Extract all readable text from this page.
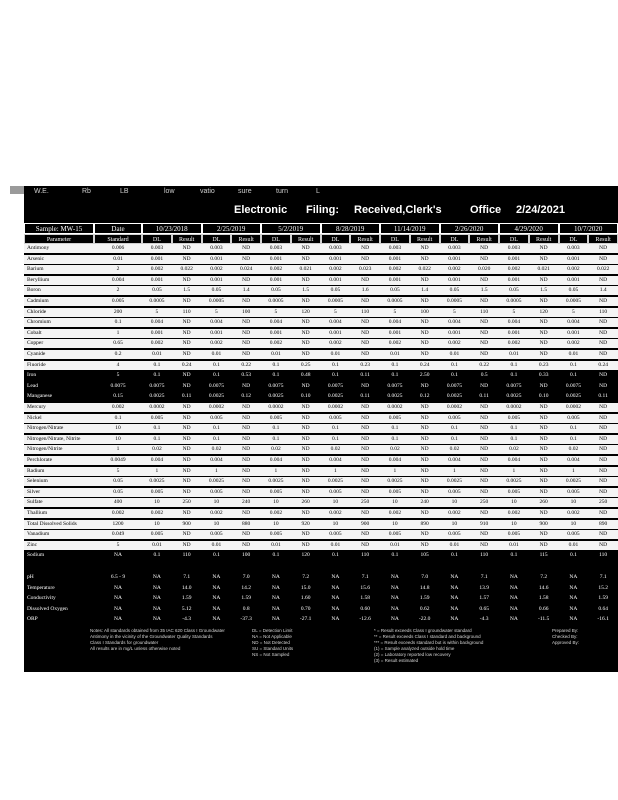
W.E.	Rb	LB	low	vatio	sure	turn	L
Electronic Filing: Received,Clerk's	Office 2/24/2021
Sample: MW-15	Date	10/23/2018	2/25/2019	5/2/2019	8/28/2019	11/14/2019	2/26/2020	4/29/2020	10/7/2020
Parameter	Standard	DL	Result	DL	Result	DL	Result	DL	Result	DL	Result	DL	Result	DL	Result	DL	Result
Antimony	0.006	0.003	ND	0.003	ND	0.003	ND	0.003	ND	0.003	ND	0.003	ND	0.003	ND	0.003	ND
Arsenic	0.01	0.001	ND	0.001	ND	0.001	ND	0.001	ND	0.001	ND	0.001	ND	0.001	ND	0.001	ND
Barium	2	0.002	0.022	0.002	0.024	0.002	0.021	0.002	0.023	0.002	0.022	0.002	0.020	0.002	0.021	0.002	0.022
Beryllium	0.004	0.001	ND	0.001	ND	0.001	ND	0.001	ND	0.001	ND	0.001	ND	0.001	ND	0.001	ND
Boron	2	0.05	1.5	0.05	1.4	0.05	1.5	0.05	1.6	0.05	1.4	0.05	1.5	0.05	1.5	0.05	1.4
Cadmium	0.005	0.0005	ND	0.0005	ND	0.0005	ND	0.0005	ND	0.0005	ND	0.0005	ND	0.0005	ND	0.0005	ND
Chloride	200	5	110	5	100	5	120	5	110	5	100	5	110	5	120	5	110
Chromium	0.1	0.004	ND	0.004	ND	0.004	ND	0.004	ND	0.004	ND	0.004	ND	0.004	ND	0.004	ND
Cobalt	1	0.001	ND	0.001	ND	0.001	ND	0.001	ND	0.001	ND	0.001	ND	0.001	ND	0.001	ND
Copper	0.65	0.002	ND	0.002	ND	0.002	ND	0.002	ND	0.002	ND	0.002	ND	0.002	ND	0.002	ND
Cyanide	0.2	0.01	ND	0.01	ND	0.01	ND	0.01	ND	0.01	ND	0.01	ND	0.01	ND	0.01	ND
Fluoride	4	0.1	0.24	0.1	0.22	0.1	0.25	0.1	0.23	0.1	0.24	0.1	0.22	0.1	0.23	0.1	0.24
Iron	5	0.1	ND	0.1	0.53	0.1	0.48	0.1	0.11	0.1	2.50	0.1	0.5	0.1	0.33	0.1	ND
Lead	0.0075	0.0075	ND	0.0075	ND	0.0075	ND	0.0075	ND	0.0075	ND	0.0075	ND	0.0075	ND	0.0075	ND
Manganese	0.15	0.0025	0.11	0.0025	0.12	0.0025	0.10	0.0025	0.11	0.0025	0.12	0.0025	0.11	0.0025	0.10	0.0025	0.11
Mercury	0.002	0.0002	ND	0.0002	ND	0.0002	ND	0.0002	ND	0.0002	ND	0.0002	ND	0.0002	ND	0.0002	ND
Nickel	0.1	0.005	ND	0.005	ND	0.005	ND	0.005	ND	0.005	ND	0.005	ND	0.005	ND	0.005	ND
Nitrogen/Nitrate	10	0.1	ND	0.1	ND	0.1	ND	0.1	ND	0.1	ND	0.1	ND	0.1	ND	0.1	ND
Nitrogen/Nitrate, Nitrite	10	0.1	ND	0.1	ND	0.1	ND	0.1	ND	0.1	ND	0.1	ND	0.1	ND	0.1	ND
Nitrogen/Nitrite	1	0.02	ND	0.02	ND	0.02	ND	0.02	ND	0.02	ND	0.02	ND	0.02	ND	0.02	ND
Perchlorate	0.0049	0.004	ND	0.004	ND	0.004	ND	0.004	ND	0.004	ND	0.004	ND	0.004	ND	0.004	ND
Radium	5	1	ND	1	ND	1	ND	1	ND	1	ND	1	ND	1	ND	1	ND
Selenium	0.05	0.0025	ND	0.0025	ND	0.0025	ND	0.0025	ND	0.0025	ND	0.0025	ND	0.0025	ND	0.0025	ND
Silver	0.05	0.005	ND	0.005	ND	0.005	ND	0.005	ND	0.005	ND	0.005	ND	0.005	ND	0.005	ND
Sulfate	400	10	250	10	240	10	260	10	250	10	240	10	250	10	260	10	250
Thallium	0.002	0.002	ND	0.002	ND	0.002	ND	0.002	ND	0.002	ND	0.002	ND	0.002	ND	0.002	ND
Total Dissolved Solids	1200	10	900	10	880	10	920	10	900	10	890	10	910	10	900	10	890
Vanadium	0.049	0.005	ND	0.005	ND	0.005	ND	0.005	ND	0.005	ND	0.005	ND	0.005	ND	0.005	ND
Zinc	5	0.01	ND	0.01	ND	0.01	ND	0.01	ND	0.01	ND	0.01	ND	0.01	ND	0.01	ND
Sodium	NA	0.1	110	0.1	100	0.1	120	0.1	110	0.1	105	0.1	110	0.1	115	0.1	110
pH	6.5 - 9	NA	7.1	NA	7.0	NA	7.2	NA	7.1	NA	7.0	NA	7.1	NA	7.2	NA	7.1
Temperature	NA	NA	14.0	NA	14.2	NA	15.0	NA	15.6	NA	14.8	NA	13.9	NA	14.6	NA	15.2
Conductivity	NA	NA	1.59	NA	1.59	NA	1.60	NA	1.58	NA	1.59	NA	1.57	NA	1.58	NA	1.59
Dissolved Oxygen	NA	NA	5.12	NA	0.8	NA	0.70	NA	0.60	NA	0.62	NA	0.65	NA	0.66	NA	0.64
ORP	NA	NA	-4.3	NA	-37.3	NA	-27.1	NA	-12.6	NA	-22.0	NA	-4.3	NA	-11.5	NA	-16.1
Notes: All standards obtained from 35 IAC 620 Class I Groundwater
Antimony in the vicinity of the Groundwater Quality Standards
Class I Standards for groundwater
All results are in mg/L unless otherwise noted
DL = Detection Limit
NA = Not Applicable
ND = Not Detected
SU = Standard Units
NS = Not Sampled
* = Result exceeds Class I groundwater standard
** = Result exceeds Class I standard and background
*** = Result exceeds standard but is within background
(1) = Sample analyzed outside hold time
(2) = Laboratory reported low recovery
(3) = Result estimated
Prepared By:
Checked By:
Approved By:
